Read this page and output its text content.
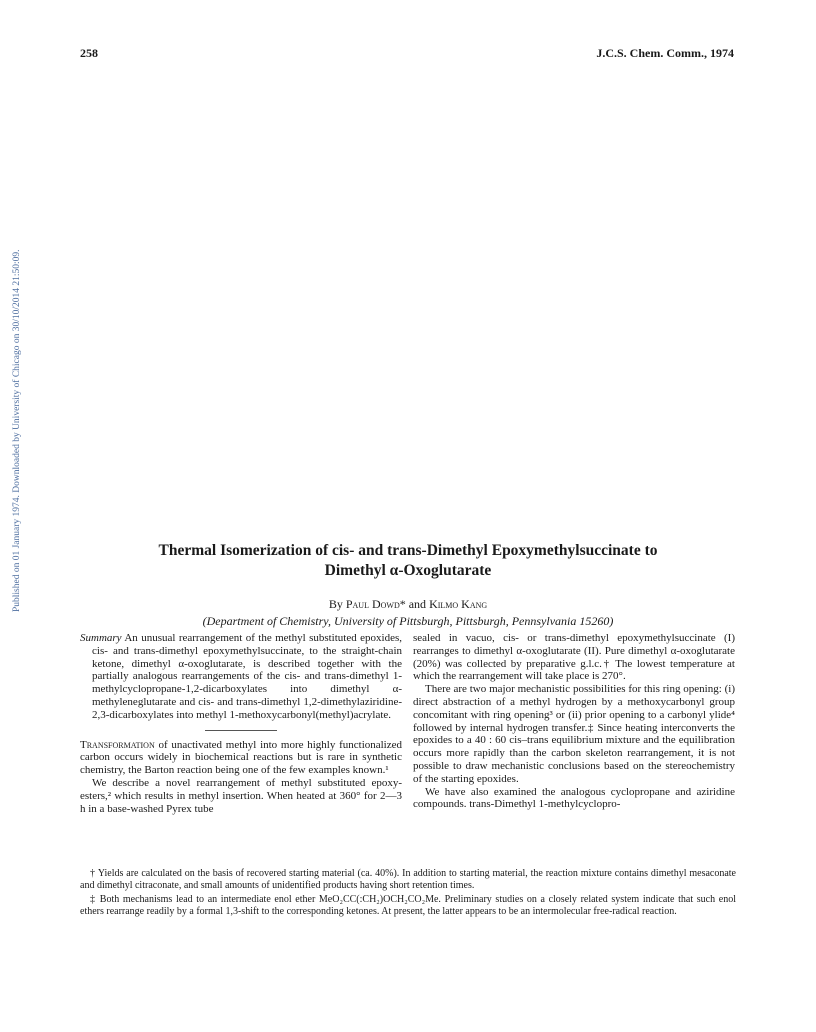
258	J.C.S. Chem. Comm., 1974
Published on 01 January 1974. Downloaded by University of Chicago on 30/10/2014 21:50:09.	Thermal Isomerization of cis- and trans-Dimethyl Epoxymethylsuccinate to
Dimethyl α-Oxoglutarate
By Paul Dowd* and Kilmo Kang
(Department of Chemistry, University of Pittsburgh, Pittsburgh, Pennsylvania 15260)

Summary An unusual rearrangement of the methyl substituted epoxides, cis- and trans-dimethyl epoxymethylsuccinate, to the straight-chain ketone, dimethyl α-oxoglutarate, is described together with the partially analogous rearrangements of the cis- and trans-dimethyl 1-methylcyclopropane-1,2-dicarboxylates into dimethyl α-methyleneglutarate and cis- and trans-dimethyl 1,2-dimethylaziridine-2,3-dicarboxylates into methyl 1-methoxycarbonyl(methyl)acrylate.

Transformation of unactivated methyl into more highly functionalized carbon occurs widely in biochemical reactions but is rare in synthetic chemistry, the Barton reaction being one of the few examples known.¹

We describe a novel rearrangement of methyl substituted epoxy-esters,² which results in methyl insertion. When heated at 360° for 2—3 h in a base-washed Pyrex tube

sealed in vacuo, cis- or trans-dimethyl epoxymethylsuccinate (I) rearranges to dimethyl α-oxoglutarate (II). Pure dimethyl α-oxoglutarate (20%) was collected by preparative g.l.c.† The lowest temperature at which the rearrangement will take place is 270°.

There are two major mechanistic possibilities for this ring opening: (i) direct abstraction of a methyl hydrogen by a methoxycarbonyl group concomitant with ring opening³ or (ii) prior opening to a carbonyl ylide⁴ followed by internal hydrogen transfer.‡ Since heating interconverts the epoxides to a 40 : 60 cis–trans equilibrium mixture and the equilibration occurs more rapidly than the carbon skeleton rearrangement, it is not possible to draw mechanistic conclusions based on the stereochemistry of the starting epoxides.

We have also examined the analogous cyclopropane and aziridine compounds. trans-Dimethyl 1-methylcyclopro-

† Yields are calculated on the basis of recovered starting material (ca. 40%). In addition to starting material, the reaction mixture contains dimethyl mesaconate and dimethyl citraconate, and small amounts of unidentified products having short retention times.

‡ Both mechanisms lead to an intermediate enol ether MeO₂CC(:CH₂)OCH₂CO₂Me. Preliminary studies on a closely related system indicate that such enol ethers rearrange readily by a formal 1,3-shift to the corresponding ketones. At present, the latter appears to be an intermolecular free-radical reaction.
